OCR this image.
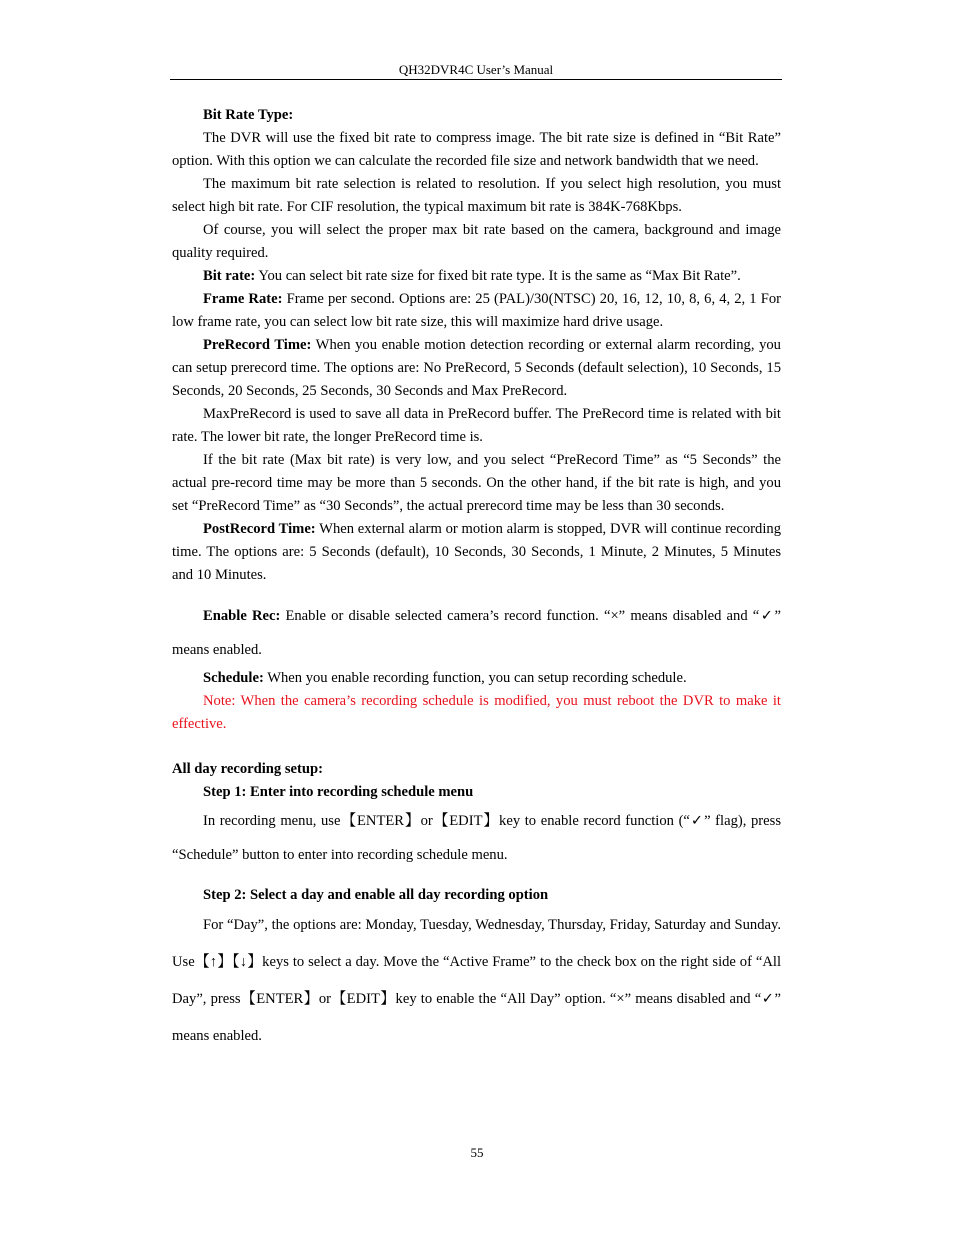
QH32DVR4C User’s Manual

Bit Rate Type:

The DVR will use the fixed bit rate to compress image. The bit rate size is defined in “Bit Rate” option. With this option we can calculate the recorded file size and network bandwidth that we need.

The maximum bit rate selection is related to resolution. If you select high resolution, you must select high bit rate. For CIF resolution, the typical maximum bit rate is 384K-768Kbps.

Of course, you will select the proper max bit rate based on the camera, background and image quality required.

Bit rate: You can select bit rate size for fixed bit rate type. It is the same as “Max Bit Rate”.

Frame Rate: Frame per second. Options are: 25 (PAL)/30(NTSC) 20, 16, 12, 10, 8, 6, 4, 2, 1 For low frame rate, you can select low bit rate size, this will maximize hard drive usage.

PreRecord Time: When you enable motion detection recording or external alarm recording, you can setup prerecord time. The options are: No PreRecord, 5 Seconds (default selection), 10 Seconds, 15 Seconds, 20 Seconds, 25 Seconds, 30 Seconds and Max PreRecord.

MaxPreRecord is used to save all data in PreRecord buffer. The PreRecord time is related with bit rate. The lower bit rate, the longer PreRecord time is.

If the bit rate (Max bit rate) is very low, and you select “PreRecord Time” as “5 Seconds” the actual pre-record time may be more than 5 seconds. On the other hand, if the bit rate is high, and you set “PreRecord Time” as “30 Seconds”, the actual prerecord time may be less than 30 seconds.

PostRecord Time: When external alarm or motion alarm is stopped, DVR will continue recording time. The options are: 5 Seconds (default), 10 Seconds, 30 Seconds, 1 Minute, 2 Minutes, 5 Minutes and 10 Minutes.

Enable Rec: Enable or disable selected camera’s record function. “×” means disabled and “✓” means enabled.

Schedule: When you enable recording function, you can setup recording schedule.

Note: When the camera’s recording schedule is modified, you must reboot the DVR to make it effective.

All day recording setup:

Step 1: Enter into recording schedule menu

In recording menu, use【ENTER】or【EDIT】key to enable record function (“✓” flag), press “Schedule” button to enter into recording schedule menu.

Step 2: Select a day and enable all day recording option

For “Day”, the options are: Monday, Tuesday, Wednesday, Thursday, Friday, Saturday and Sunday. Use【↑】【↓】keys to select a day. Move the “Active Frame” to the check box on the right side of “All Day”, press【ENTER】or【EDIT】key to enable the “All Day” option. “×” means disabled and “✓” means enabled.

55
